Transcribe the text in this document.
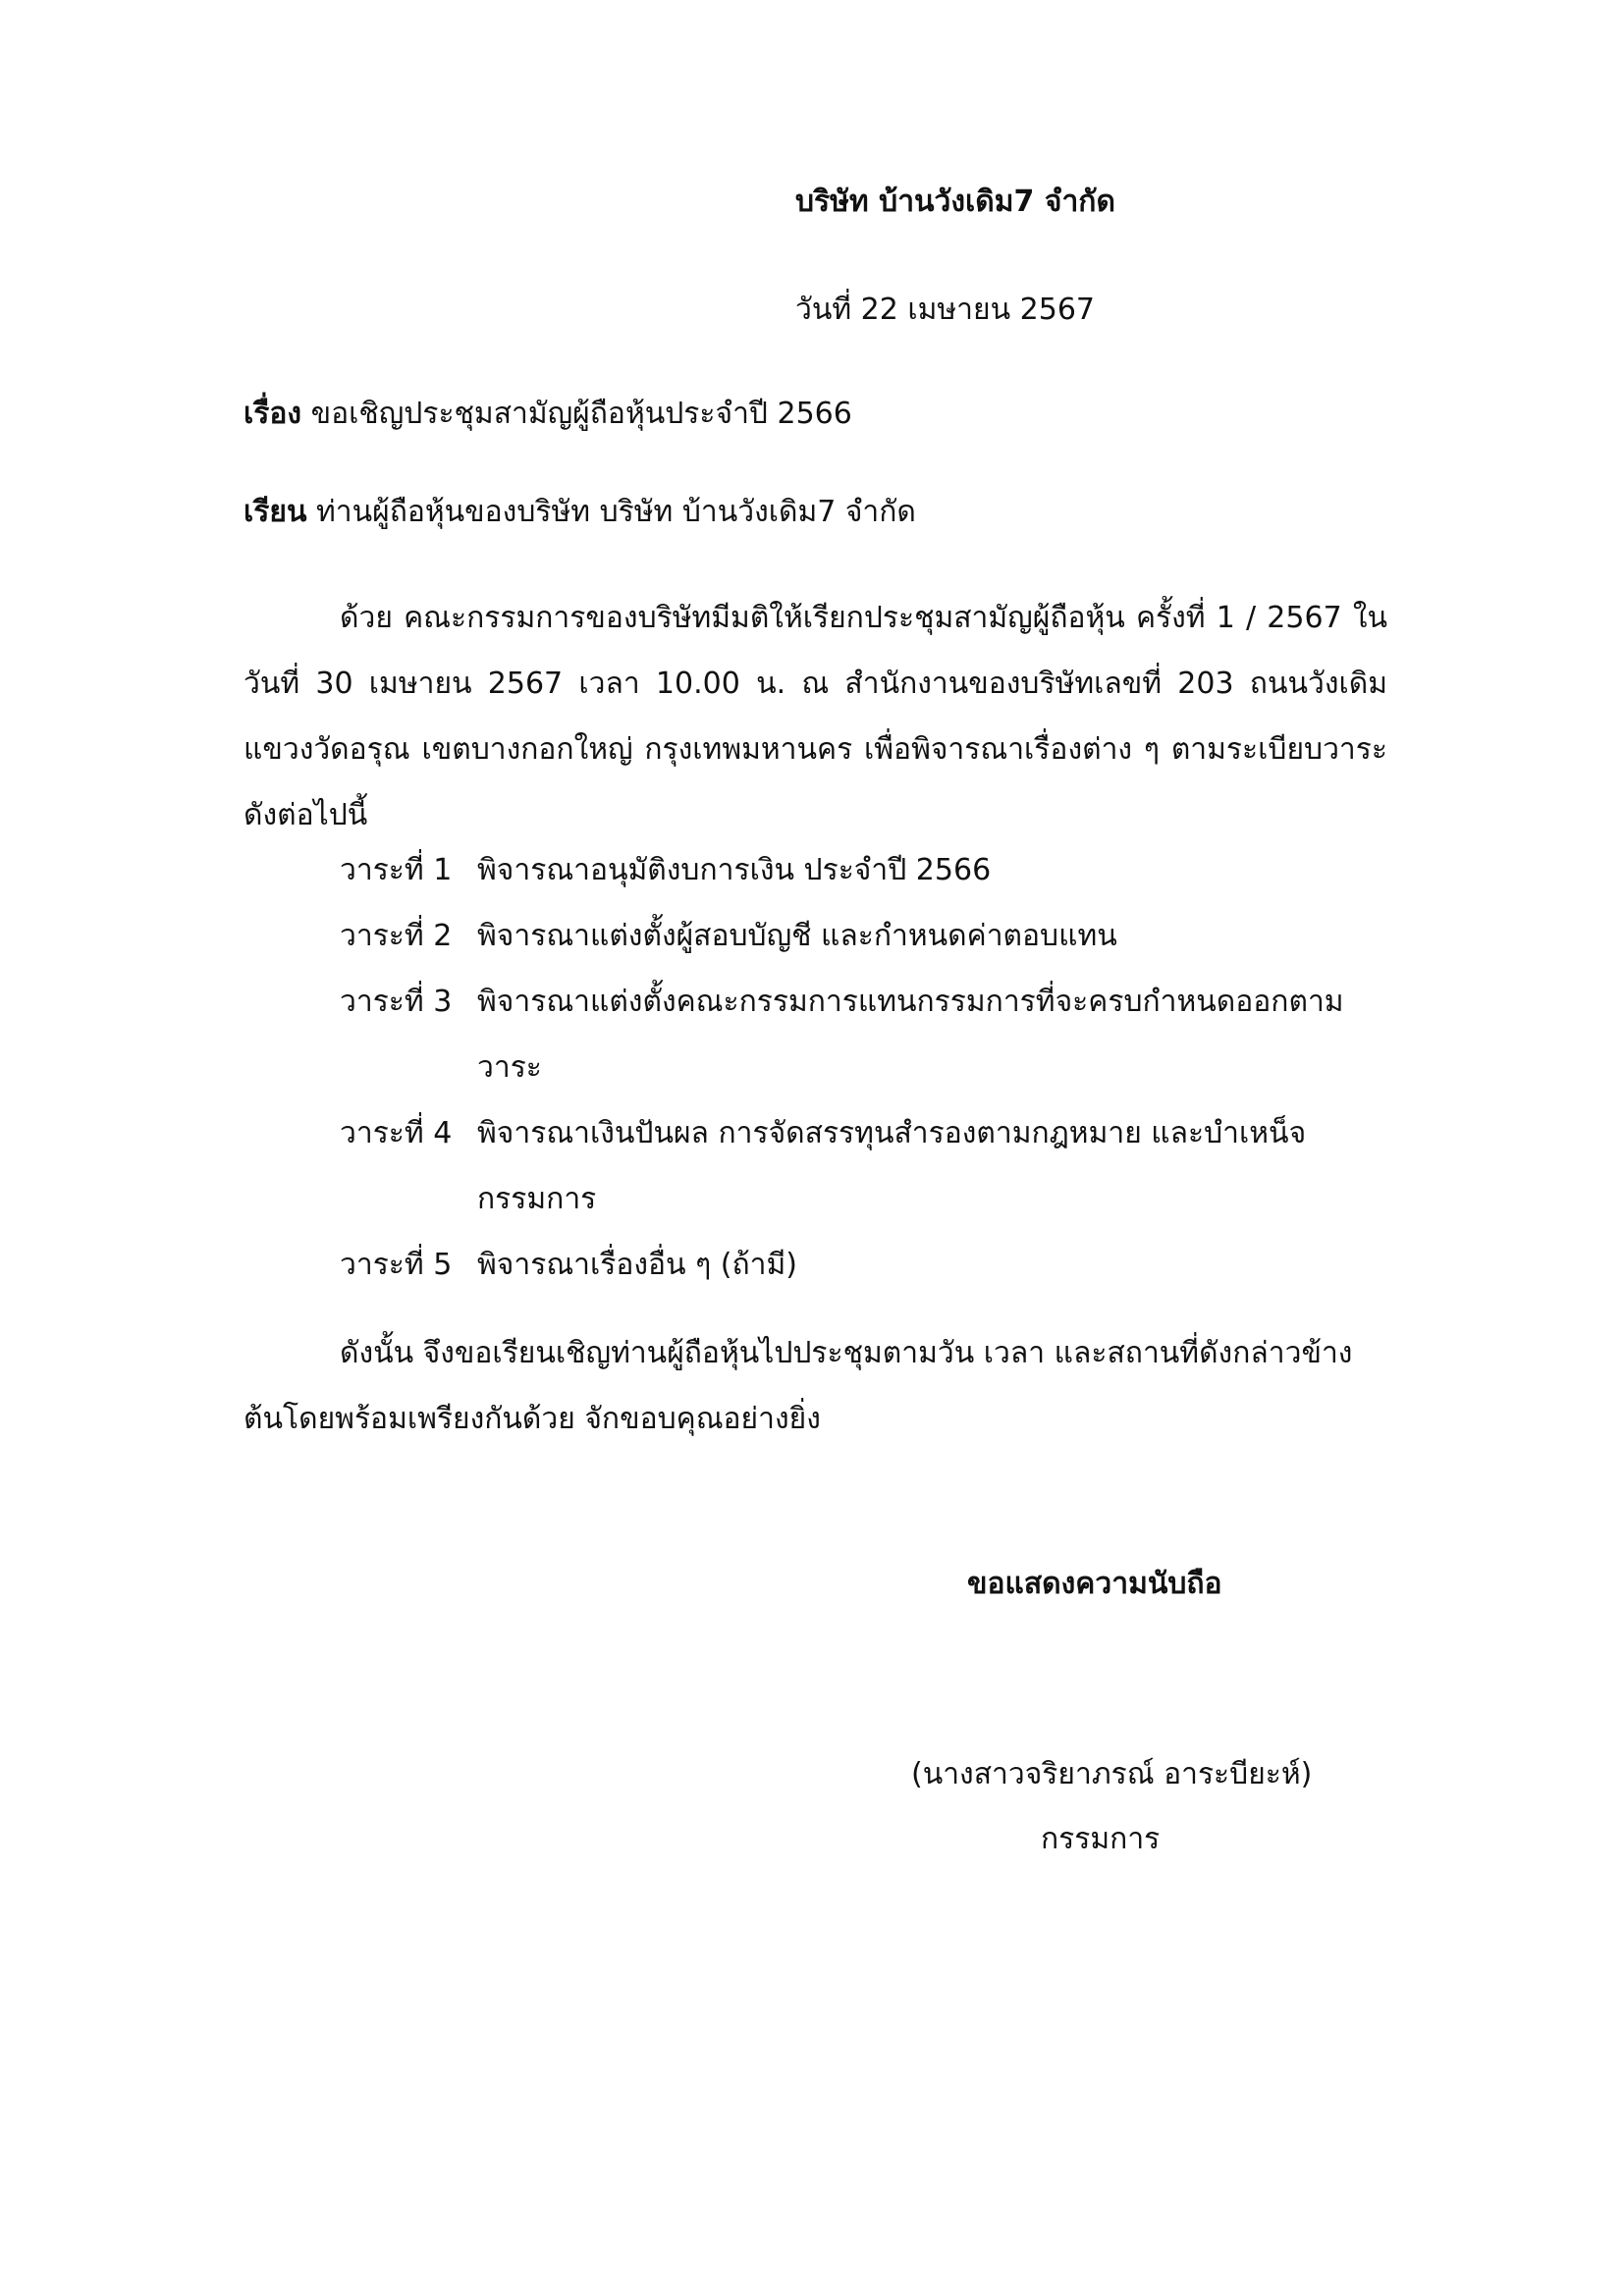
บริษัท บ้านวังเดิม7 จำกัด
วันที่ 22 เมษายน 2567
เรื่อง ขอเชิญประชุมสามัญผู้ถือหุ้นประจำปี 2566
เรียน ท่านผู้ถือหุ้นของบริษัท บริษัท บ้านวังเดิม7 จำกัด
ด้วย คณะกรรมการของบริษัทมีมติให้เรียกประชุมสามัญผู้ถือหุ้น ครั้งที่ 1 / 2567 ในวันที่ 30 เมษายน 2567 เวลา 10.00 น. ณ สำนักงานของบริษัทเลขที่ 203 ถนนวังเดิม แขวงวัดอรุณ เขตบางกอกใหญ่ กรุงเทพมหานคร เพื่อพิจารณาเรื่องต่าง ๆ ตามระเบียบวาระดังต่อไปนี้
วาระที่ 1 พิจารณาอนุมัติงบการเงิน ประจำปี 2566
วาระที่ 2 พิจารณาแต่งตั้งผู้สอบบัญชี และกำหนดค่าตอบแทน
วาระที่ 3 พิจารณาแต่งตั้งคณะกรรมการแทนกรรมการที่จะครบกำหนดออกตามวาระ
วาระที่ 4 พิจารณาเงินปันผล การจัดสรรทุนสำรองตามกฎหมาย และบำเหน็จกรรมการ
วาระที่ 5 พิจารณาเรื่องอื่น ๆ (ถ้ามี)
ดังนั้น จึงขอเรียนเชิญท่านผู้ถือหุ้นไปประชุมตามวัน เวลา และสถานที่ดังกล่าวข้างต้นโดยพร้อมเพรียงกันด้วย จักขอบคุณอย่างยิ่ง
ขอแสดงความนับถือ
(นางสาวจริยาภรณ์ อาระบียะห์)
กรรมการ
